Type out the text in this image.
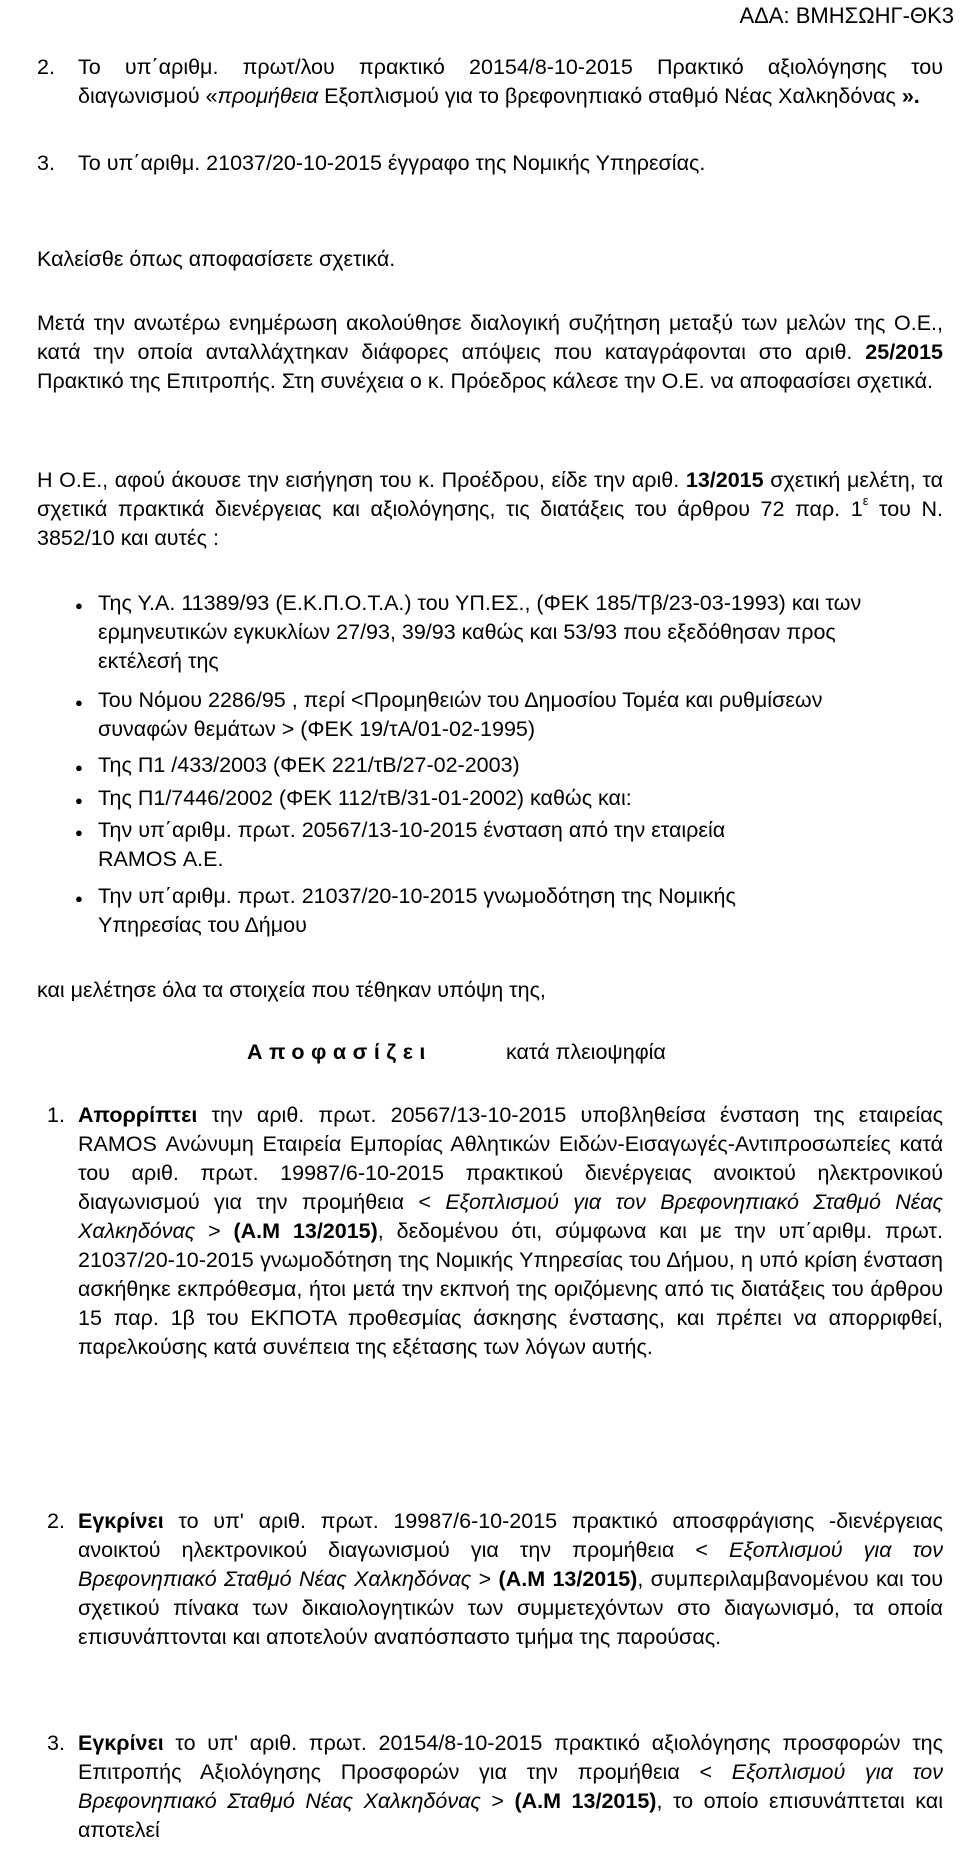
ΑΔΑ: ΒΜΗΣΩΗΓ-ΘΚ3
2. Το υπ΄αριθμ. πρωτ/λου πρακτικό 20154/8-10-2015 Πρακτικό αξιολόγησης του διαγωνισμού «προμήθεια Εξοπλισμού για το βρεφονηπιακό σταθμό Νέας Χαλκηδόνας ».

3. Το υπ΄αριθμ. 21037/20-10-2015 έγγραφο της Νομικής Υπηρεσίας.

Καλείσθε όπως αποφασίσετε σχετικά.

Μετά την ανωτέρω ενημέρωση ακολούθησε διαλογική συζήτηση μεταξύ των μελών της Ο.Ε., κατά την οποία ανταλλάχτηκαν διάφορες απόψεις που καταγράφονται στο αριθ. 25/2015 Πρακτικό της Επιτροπής. Στη συνέχεια ο κ. Πρόεδρος κάλεσε την Ο.Ε. να αποφασίσει σχετικά.

Η Ο.Ε., αφού άκουσε την εισήγηση του κ. Προέδρου, είδε την αριθ. 13/2015 σχετική μελέτη, τα σχετικά πρακτικά διενέργειας και αξιολόγησης, τις διατάξεις του άρθρου 72 παρ. $1^\varepsilon$ του Ν. 3852/10 και αυτές :

● Της Υ.Α. 11389/93 (Ε.Κ.Π.Ο.Τ.Α.) του ΥΠ.ΕΣ., (ΦΕΚ 185/Τβ/23-03-1993) και των ερμηνευτικών εγκυκλίων 27/93, 39/93 καθώς και 53/93 που εξεδόθησαν προς εκτέλεσή της

● Του Νόμου 2286/95 , περί <Προμηθειών του Δημοσίου Τομέα και ρυθμίσεων συναφών θεμάτων > (ΦΕΚ 19/τΑ/01-02-1995)

● Της Π1 /433/2003 (ΦΕΚ 221/τΒ/27-02-2003)

● Της Π1/7446/2002 (ΦΕΚ 112/τΒ/31-01-2002) καθώς και:

● Την υπ΄αριθμ. πρωτ. 20567/13-10-2015 ένσταση από την εταιρεία RAMOS Α.Ε.

● Την υπ΄αριθμ. πρωτ. 21037/20-10-2015 γνωμοδότηση της Νομικής Υπηρεσίας του Δήμου

και μελέτησε όλα τα στοιχεία που τέθηκαν υπόψη της,

Αποφασίζει	κατά πλειοψηφία
1. Απορρίπτει την αριθ. πρωτ. 20567/13-10-2015 υποβληθείσα ένσταση της εταιρείας RAMOS Ανώνυμη Εταιρεία Εμπορίας Αθλητικών Ειδών-Εισαγωγές-Αντιπροσωπείες κατά του αριθ. πρωτ. 19987/6-10-2015 πρακτικού διενέργειας ανοικτού ηλεκτρονικού διαγωνισμού για την προμήθεια < Εξοπλισμού για τον Βρεφονηπιακό Σταθμό Νέας Χαλκηδόνας > (Α.Μ 13/2015), δεδομένου ότι, σύμφωνα και με την υπ΄αριθμ. πρωτ. 21037/20-10-2015 γνωμοδότηση της Νομικής Υπηρεσίας του Δήμου, η υπό κρίση ένσταση ασκήθηκε εκπρόθεσμα, ήτοι μετά την εκπνοή της οριζόμενης από τις διατάξεις του άρθρου 15 παρ. 1β του ΕΚΠΟΤΑ προθεσμίας άσκησης ένστασης, και πρέπει να απορριφθεί, παρελκούσης κατά συνέπεια της εξέτασης των λόγων αυτής.

2. Εγκρίνει το υπ' αριθ. πρωτ. 19987/6-10-2015 πρακτικό αποσφράγισης -διενέργειας ανοικτού ηλεκτρονικού διαγωνισμού για την προμήθεια < Εξοπλισμού για τον Βρεφονηπιακό Σταθμό Νέας Χαλκηδόνας > (Α.Μ 13/2015), συμπεριλαμβανομένου και του σχετικού πίνακα των δικαιολογητικών των συμμετεχόντων στο διαγωνισμό, τα οποία επισυνάπτονται και αποτελούν αναπόσπαστο τμήμα της παρούσας.

3. Εγκρίνει το υπ' αριθ. πρωτ. 20154/8-10-2015 πρακτικό αξιολόγησης προσφορών της Επιτροπής Αξιολόγησης Προσφορών για την προμήθεια < Εξοπλισμού για τον Βρεφονηπιακό Σταθμό Νέας Χαλκηδόνας > (Α.Μ 13/2015), το οποίο επισυνάπτεται και αποτελεί
